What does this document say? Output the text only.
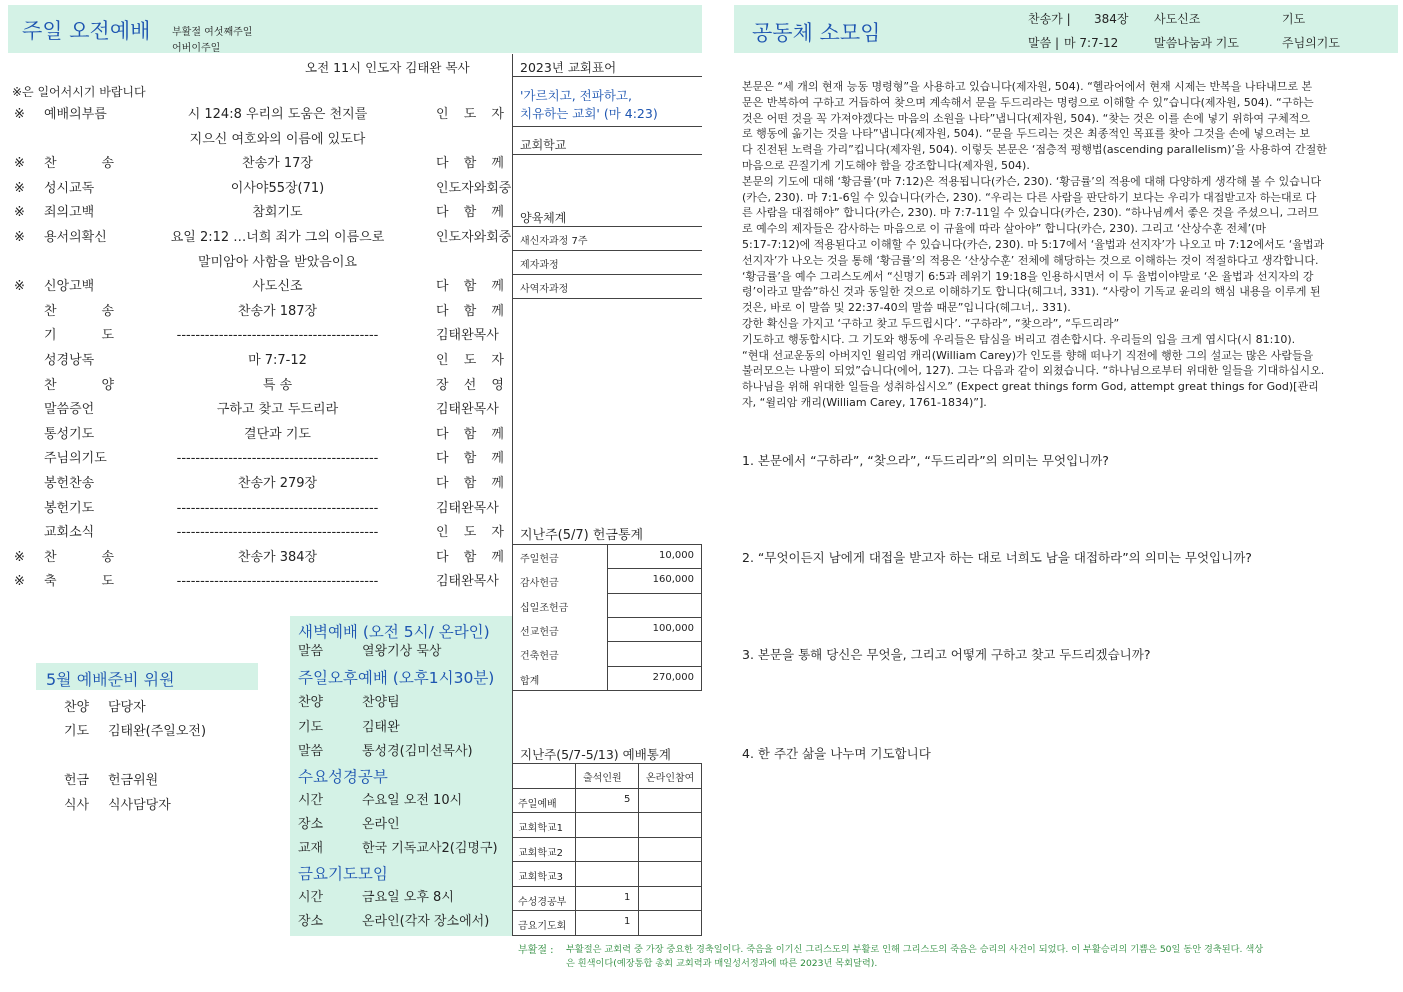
주일 오전예배 부활절 여섯째주일
어버이주일
오전 11시 인도자 김태완 목사
※은 일어서시기 바랍니다
※ 예배의부름	시 124:8 우리의 도움은 천지를	인 도 자
지으신 여호와의 이름에 있도다
※ 찬 송	찬송가 17장	다 함 께
※ 성시교독	이사야55장(71)	인도자와회중
※ 죄의고백	참회기도	다 함 께
※ 용서의확신	요일 2:12 …너희 죄가 그의 이름으로	인도자와회중
말미암아 사함을 받았음이요
※ 신앙고백	사도신조	다 함 께
찬 송	찬송가 187장	다 함 께
기 도	-------------------------------------------	김태완목사
성경낭독	마 7:7-12	인 도 자
찬 양	특 송	장 선 영
말씀증언	구하고 찾고 두드리라	김태완목사
통성기도	결단과 기도	다 함 께
주님의기도	-------------------------------------------	다 함 께
봉헌찬송	찬송가 279장	다 함 께
봉헌기도	-------------------------------------------	김태완목사
교회소식	-------------------------------------------	인 도 자
※ 찬 송	찬송가 384장	다 함 께
※ 축 도	-------------------------------------------	김태완목사
2023년 교회표어
'가르치고, 전파하고,
치유하는 교회' (마 4:23)
교회학교
양육체계
새신자과정 7주
제자과정
사역자과정
지난주(5/7) 헌금통계
주일헌금	10,000
감사헌금	160,000
십일조헌금
선교헌금	100,000
건축헌금
합계	270,000
지난주(5/7-5/13) 예배통계
출석인원 온라인참여
주일예배	5
교회학교1
교회학교2
교회학교3
수성경공부	1
금요기도회	1
5월 예배준비 위원
찬양 담당자
기도 김태완(주일오전)
헌금 헌금위원
식사 식사담당자
새벽예배 (오전 5시/ 온라인)
말씀	열왕기상 묵상
주일오후예배 (오후1시30분)
찬양	찬양팀
기도	김태완
말씀	통성경(김미선목사)
수요성경공부
시간	수요일 오전 10시
장소	온라인
교재	한국 기독교사2(김명구)
금요기도모임
시간	금요일 오후 8시
장소	온라인(각자 장소에서)
부활절 : 부활절은 교회력 중 가장 중요한 경축일이다. 죽음을 이기신 그리스도의 부활로 인해 그리스도의 죽음은 승리의 사건이 되었다. 이 부활승리의 기쁨은 50일 동안 경축된다. 색상
은 흰색이다(예장통합 총회 교회력과 매일성서정과에 따른 2023년 목회달력).
공동체 소모임
찬송가 | 384장 사도신조	기도
말씀 | 마 7:7-12	말씀나눔과 기도	주님의기도
본문은 “세 개의 현재 능동 명령형”을 사용하고 있습니다(제자원, 504). “헬라어에서 현재 시제는 반복을 나타내므로 본
문은 반복하여 구하고 거듭하여 찾으며 계속해서 문을 두드리라는 명령으로 이해할 수 있”습니다(제자원, 504). “구하는
것은 어떤 것을 꼭 가져야겠다는 마음의 소원을 나타”냅니다(제자원, 504). “찾는 것은 이를 손에 넣기 위하여 구체적으
로 행동에 옮기는 것을 나타”냅니다(제자원, 504). “문을 두드리는 것은 최종적인 목표를 찾아 그것을 손에 넣으려는 보
다 진전된 노력을 가리”킵니다(제자원, 504). 이렇듯 본문은 ‘점층적 평행법(ascending parallelism)’을 사용하여 간절한
마음으로 끈질기게 기도해야 함을 강조합니다(제자원, 504).
본문의 기도에 대해 ‘황금률’(마 7:12)은 적용됩니다(카슨, 230). ‘황금률’의 적용에 대해 다양하게 생각해 볼 수 있습니다
(카슨, 230). 마 7:1-6일 수 있습니다(카슨, 230). “우리는 다른 사람을 판단하기 보다는 우리가 대접받고자 하는대로 다
른 사람을 대접해야” 합니다(카슨, 230). 마 7:7-11일 수 있습니다(카슨, 230). “하나님께서 좋은 것을 주셨으니, 그러므
로 예수의 제자들은 감사하는 마음으로 이 규율에 따라 살아야” 합니다(카슨, 230). 그리고 ‘산상수훈 전체’(마
5:17-7:12)에 적용된다고 이해할 수 있습니다(카슨, 230). 마 5:17에서 ‘율법과 선지자’가 나오고 마 7:12에서도 ‘율법과
선지자’가 나오는 것을 통해 ‘황금률’의 적용은 ‘산상수훈’ 전체에 해당하는 것으로 이해하는 것이 적절하다고 생각합니다.
‘황금률’을 예수 그리스도께서 “신명기 6:5과 레위기 19:18을 인용하시면서 이 두 율법이야말로 ‘온 율법과 선지자의 강
령’이라고 말씀”하신 것과 동일한 것으로 이해하기도 합니다(헤그너, 331). “사랑이 기독교 윤리의 핵심 내용을 이루게 된
것은, 바로 이 말씀 및 22:37-40의 말씀 때문”입니다(헤그너,. 331).
강한 확신을 가지고 ‘구하고 찾고 두드립시다’. “구하라”, “찾으라”, “두드리라”
기도하고 행동합시다. 그 기도와 행동에 우리들은 탐심을 버리고 겸손합시다. 우리들의 입을 크게 엽시다(시 81:10).
“현대 선교운동의 아버지인 윌리엄 캐리(William Carey)가 인도를 향해 떠나기 직전에 행한 그의 설교는 많은 사람들을
불러모으는 나팔이 되었”습니다(에어, 127). 그는 다음과 같이 외쳤습니다. “하나님으로부터 위대한 일들을 기대하십시오.
하나님을 위해 위대한 일들을 성취하십시오” (Expect great things form God, attempt great things for God)[관리
자, “윌리암 캐리(William Carey, 1761-1834)”].
1. 본문에서 “구하라”, “찾으라”, “두드리라”의 의미는 무엇입니까?
2. “무엇이든지 남에게 대접을 받고자 하는 대로 너희도 남을 대접하라”의 의미는 무엇입니까?
3. 본문을 통해 당신은 무엇을, 그리고 어떻게 구하고 찾고 두드리겠습니까?
4. 한 주간 삶을 나누며 기도합니다
